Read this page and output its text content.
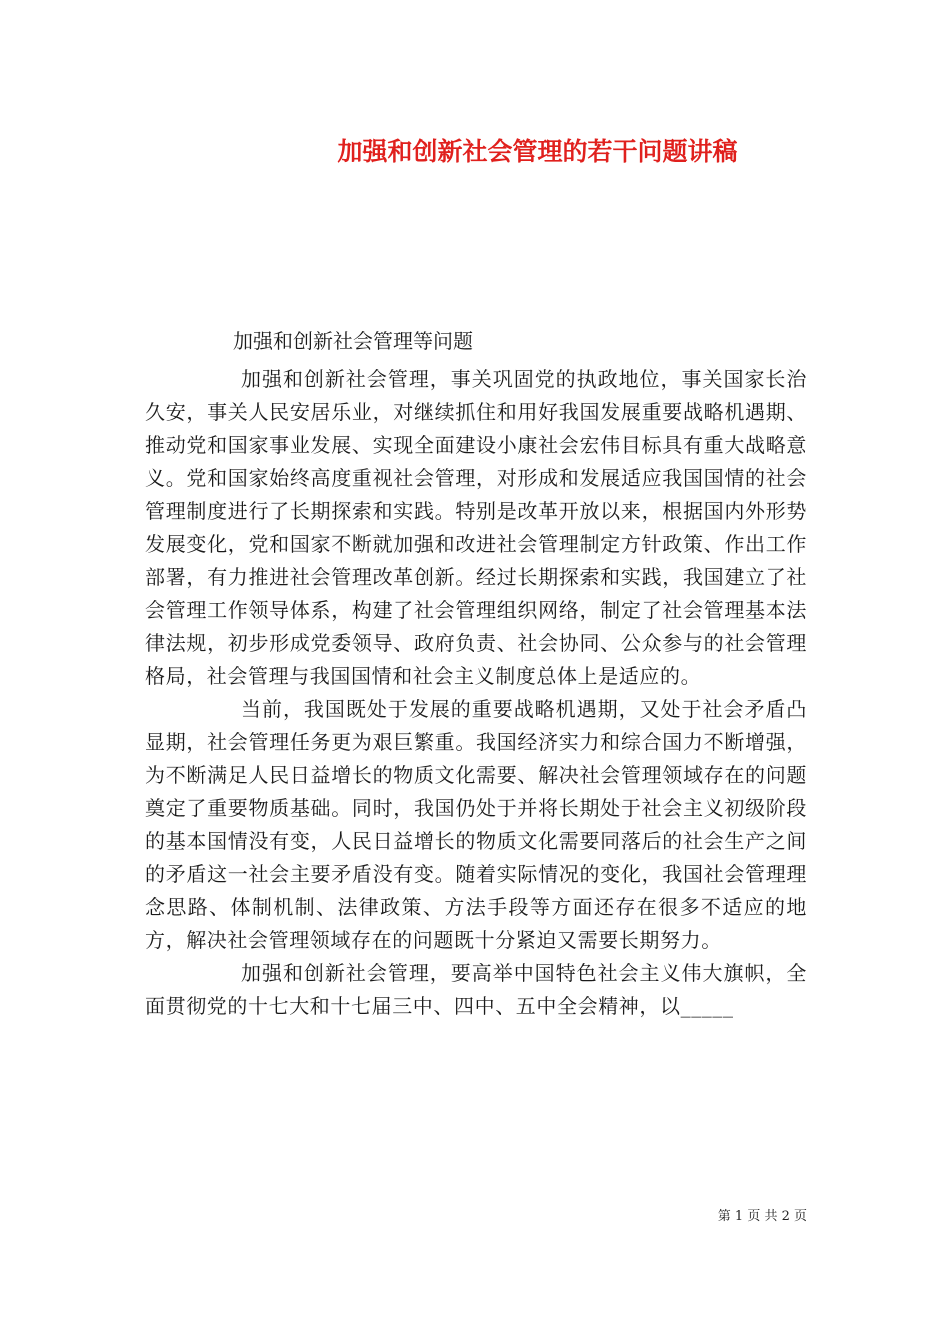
加强和创新社会管理的若干问题讲稿

加强和创新社会管理等问题

加强和创新社会管理，事关巩固党的执政地位，事关国家长治久安，事关人民安居乐业，对继续抓住和用好我国发展重要战略机遇期、推动党和国家事业发展、实现全面建设小康社会宏伟目标具有重大战略意义。党和国家始终高度重视社会管理，对形成和发展适应我国国情的社会管理制度进行了长期探索和实践。特别是改革开放以来，根据国内外形势发展变化，党和国家不断就加强和改进社会管理制定方针政策、作出工作部署，有力推进社会管理改革创新。经过长期探索和实践，我国建立了社会管理工作领导体系，构建了社会管理组织网络，制定了社会管理基本法律法规，初步形成党委领导、政府负责、社会协同、公众参与的社会管理格局，社会管理与我国国情和社会主义制度总体上是适应的。

当前，我国既处于发展的重要战略机遇期，又处于社会矛盾凸显期，社会管理任务更为艰巨繁重。我国经济实力和综合国力不断增强，为不断满足人民日益增长的物质文化需要、解决社会管理领域存在的问题奠定了重要物质基础。同时，我国仍处于并将长期处于社会主义初级阶段的基本国情没有变，人民日益增长的物质文化需要同落后的社会生产之间的矛盾这一社会主要矛盾没有变。随着实际情况的变化，我国社会管理理念思路、体制机制、法律政策、方法手段等方面还存在很多不适应的地方，解决社会管理领域存在的问题既十分紧迫又需要长期努力。

加强和创新社会管理，要高举中国特色社会主义伟大旗帜，全面贯彻党的十七大和十七届三中、四中、五中全会精神，以_____

第 1 页 共 2 页
